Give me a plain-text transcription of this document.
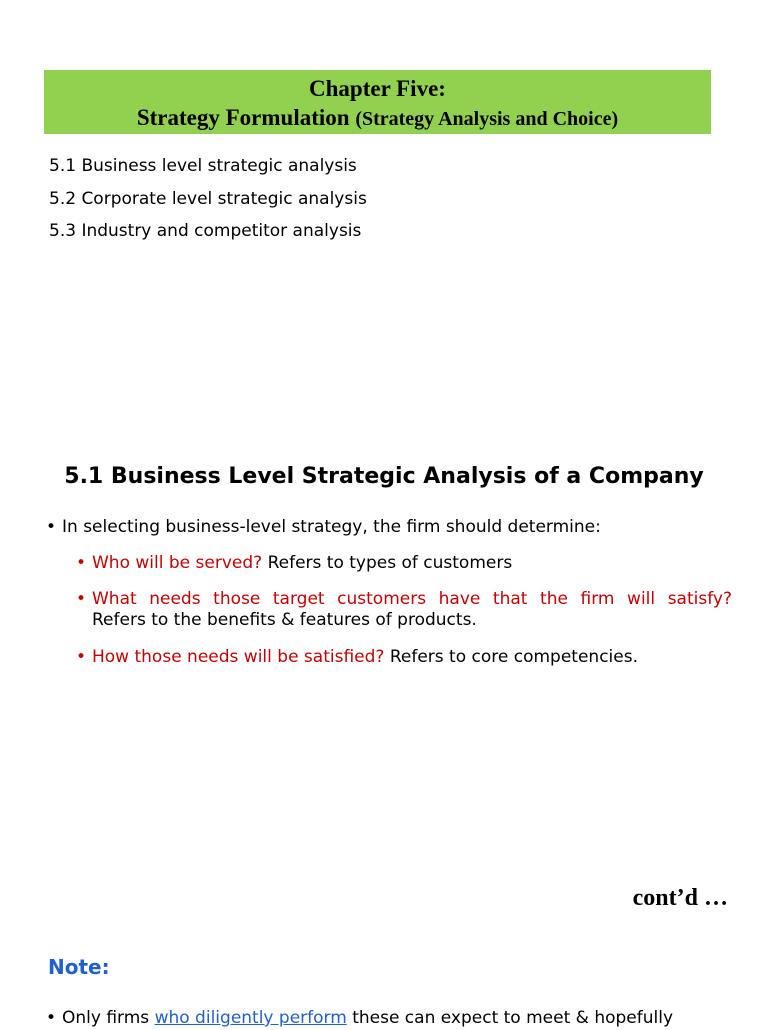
Chapter Five:
Strategy Formulation (Strategy Analysis and Choice)
5.1 Business level strategic analysis
5.2 Corporate level strategic analysis
5.3 Industry and competitor analysis
5.1 Business Level Strategic Analysis of a Company
• In selecting business-level strategy, the firm should determine:
• Who will be served? Refers to types of customers
• What needs those target customers have that the firm will satisfy?
Refers to the benefits & features of products.
• How those needs will be satisfied? Refers to core competencies.
cont’d …
Note:
• Only firms who diligently perform these can expect to meet & hopefully
